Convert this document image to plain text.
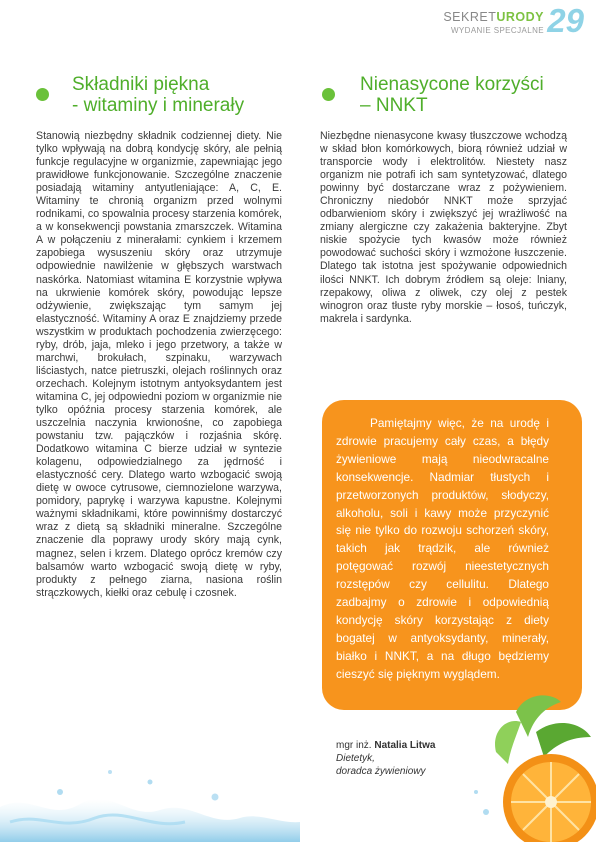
SEKRETURODY
WYDANIE SPECJALNE 29
Składniki piękna
- witaminy i minerały

Stanowią niezbędny składnik codziennej diety. Nie tylko wpływają na dobrą kondycję skóry, ale pełnią funkcje regulacyjne w organizmie, zapewniając jego prawidłowe funkcjonowanie. Szczególne znaczenie posiadają witaminy antyutleniające: A, C, E. Witaminy te chronią organizm przed wolnymi rodnikami, co spowalnia procesy starzenia komórek, a w konsekwencji powstania zmarszczek. Witamina A w połączeniu z minerałami: cynkiem i krzemem zapobiega wysuszeniu skóry oraz utrzymuje odpowiednie nawilżenie w głębszych warstwach naskórka. Natomiast witamina E korzystnie wpływa na ukrwienie komórek skóry, powodując lepsze odżywienie, zwiększając tym samym jej elastyczność. Witaminy A oraz E znajdziemy przede wszystkim w produktach pochodzenia zwierzęcego: ryby, drób, jaja, mleko i jego przetwory, a także w marchwi, brokułach, szpinaku, warzywach liściastych, natce pietruszki, olejach roślinnych oraz orzechach. Kolejnym istotnym antyoksydantem jest witamina C, jej odpowiedni poziom w organizmie nie tylko opóźnia procesy starzenia komórek, ale uszczelnia naczynia krwionośne, co zapobiega powstaniu tzw. pajączków i rozjaśnia skórę. Dodatkowo witamina C bierze udział w syntezie kolagenu, odpowiedzialnego za jędrność i elastyczność cery. Dlatego warto wzbogacić swoją dietę w owoce cytrusowe, ciemnozielone warzywa, pomidory, paprykę i warzywa kapustne. Kolejnymi ważnymi składnikami, które powinniśmy dostarczyć wraz z dietą są składniki mineralne. Szczególne znaczenie dla poprawy urody skóry mają cynk, magnez, selen i krzem. Dlatego oprócz kremów czy balsamów warto wzbogacić swoją dietę w ryby, produkty z pełnego ziarna, nasiona roślin strączkowych, kiełki oraz cebulę i czosnek.

Nienasycone korzyści
– NNKT

Niezbędne nienasycone kwasy tłuszczowe wchodzą w skład błon komórkowych, biorą również udział w transporcie wody i elektrolitów. Niestety nasz organizm nie potrafi ich sam syntetyzować, dlatego powinny być dostarczane wraz z pożywieniem. Chroniczny niedobór NNKT może sprzyjać odbarwieniom skóry i zwiększyć jej wrażliwość na zmiany alergiczne czy zakażenia bakteryjne. Zbyt niskie spożycie tych kwasów może również powodować suchości skóry i wzmożone łuszczenie. Dlatego tak istotna jest spożywanie odpowiednich ilości NNKT. Ich dobrym źródłem są oleje: lniany, rzepakowy, oliwa z oliwek, czy olej z pestek winogron oraz tłuste ryby morskie – łosoś, tuńczyk, makrela i sardynka.

Pamiętajmy więc, że na urodę i zdrowie pracujemy cały czas, a błędy żywieniowe mają nieodwracalne konsekwencje. Nadmiar tłustych i przetworzonych produktów, słodyczy, alkoholu, soli i kawy może przyczynić się nie tylko do rozwoju schorzeń skóry, takich jak trądzik, ale również potęgować rozwój nieestetycznych rozstępów czy cellulitu. Dlatego zadbajmy o zdrowie i odpowiednią kondycję skóry korzystając z diety bogatej w antyoksydanty, minerały, białko i NNKT, a na długo będziemy cieszyć się pięknym wyglądem.
mgr inż. Natalia Litwa
Dietetyk,
doradca żywieniowy
